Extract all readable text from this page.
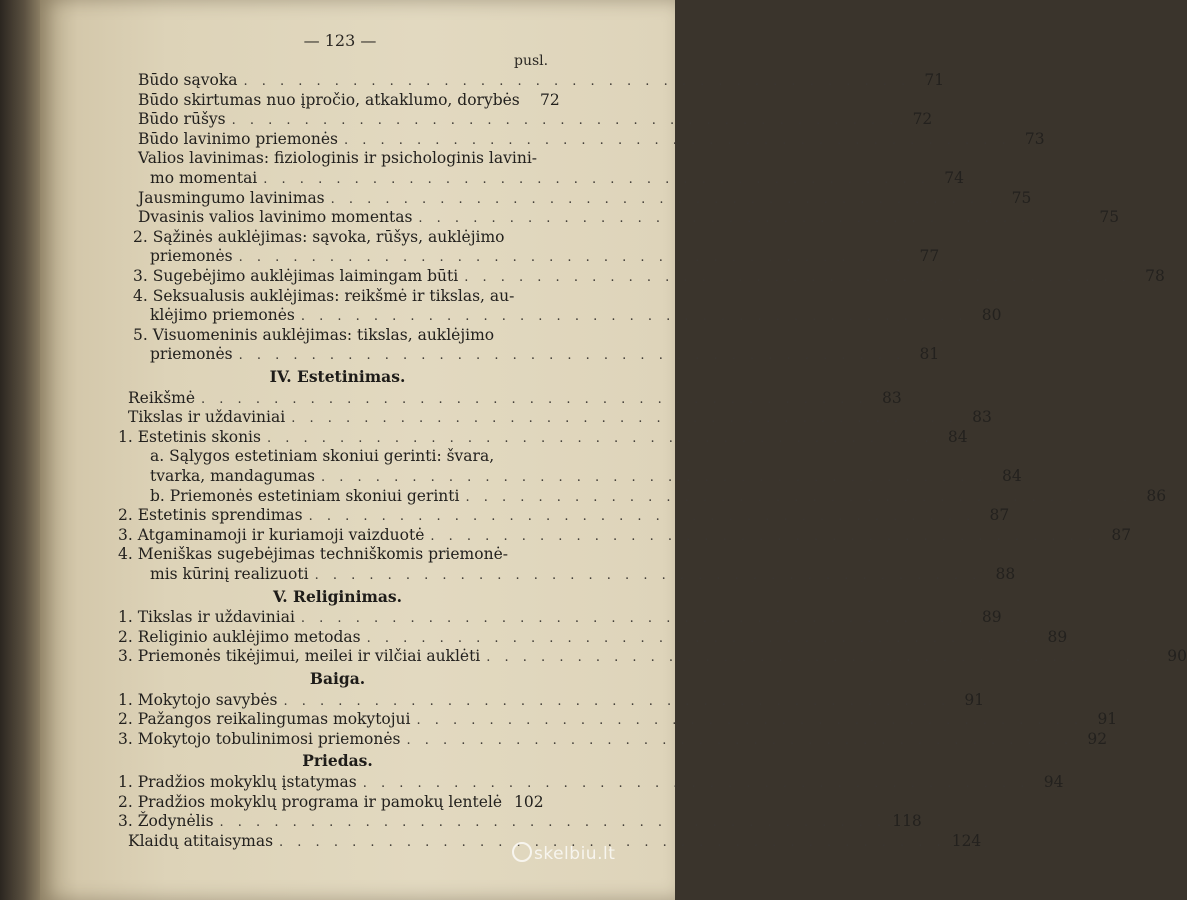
— 123 —
pusl.
Būdo sąvoka . . . . . . . . . . . . . . . . . . . . . . . . . . . . . . . . . . . . . 71
Būdo skirtumas nuo įpročio, atkaklumo, dorybės	72
Būdo rūšys . . . . . . . . . . . . . . . . . . . . . . . . . . . . . . . . . . . . . 72
Būdo lavinimo priemonės . . . . . . . . . . . . . . . . . . . . . . . . . . . . . . . . . . . . . 73
Valios lavinimas: fiziologinis ir psichologinis lavini-
mo momentai . . . . . . . . . . . . . . . . . . . . . . . . . . . . . . . . . . . . . 74
Jausmingumo lavinimas . . . . . . . . . . . . . . . . . . . . . . . . . . . . . . . . . . . . . 75
Dvasinis valios lavinimo momentas . . . . . . . . . . . . . . . . . . . . . . . . . . . . . . . . . . . . . 75
2. Sąžinės auklėjimas: sąvoka, rūšys, auklėjimo
priemonės . . . . . . . . . . . . . . . . . . . . . . . . . . . . . . . . . . . . . 77
3. Sugebėjimo auklėjimas laimingam būti . . . . . . . . . . . . . . . . . . . . . . . . . . . . . . . . . . . . . 78
4. Seksualusis auklėjimas: reikšmė ir tikslas, au-
klėjimo priemonės . . . . . . . . . . . . . . . . . . . . . . . . . . . . . . . . . . . . . 80
5. Visuomeninis auklėjimas: tikslas, auklėjimo
priemonės . . . . . . . . . . . . . . . . . . . . . . . . . . . . . . . . . . . . . 81
IV. Estetinimas.
Reikšmė . . . . . . . . . . . . . . . . . . . . . . . . . . . . . . . . . . . . . 83
Tikslas ir uždaviniai . . . . . . . . . . . . . . . . . . . . . . . . . . . . . . . . . . . . . 83
1. Estetinis skonis . . . . . . . . . . . . . . . . . . . . . . . . . . . . . . . . . . . . . 84
a. Sąlygos estetiniam skoniui gerinti: švara,
tvarka, mandagumas . . . . . . . . . . . . . . . . . . . . . . . . . . . . . . . . . . . . . 84
b. Priemonės estetiniam skoniui gerinti . . . . . . . . . . . . . . . . . . . . . . . . . . . . . . . . . . . . . 86
2. Estetinis sprendimas . . . . . . . . . . . . . . . . . . . . . . . . . . . . . . . . . . . . . 87
3. Atgaminamoji ir kuriamoji vaizduotė . . . . . . . . . . . . . . . . . . . . . . . . . . . . . . . . . . . . . 87
4. Meniškas sugebėjimas techniškomis priemonė-
mis kūrinį realizuoti . . . . . . . . . . . . . . . . . . . . . . . . . . . . . . . . . . . . . 88
V. Religinimas.
1. Tikslas ir uždaviniai . . . . . . . . . . . . . . . . . . . . . . . . . . . . . . . . . . . . . 89
2. Religinio auklėjimo metodas . . . . . . . . . . . . . . . . . . . . . . . . . . . . . . . . . . . . . 89
3. Priemonės tikėjimui, meilei ir vilčiai auklėti . . . . . . . . . . . . . . . . . . . . . . . . . . . . . . . . . . . . . 90
Baiga.
1. Mokytojo savybės . . . . . . . . . . . . . . . . . . . . . . . . . . . . . . . . . . . . . 91
2. Pažangos reikalingumas mokytojui . . . . . . . . . . . . . . . . . . . . . . . . . . . . . . . . . . . . . 91
3. Mokytojo tobulinimosi priemonės . . . . . . . . . . . . . . . . . . . . . . . . . . . . . . . . . . . . . 92
Priedas.
1. Pradžios mokyklų įstatymas . . . . . . . . . . . . . . . . . . . . . . . . . . . . . . . . . . . . . 94
2. Pradžios mokyklų programa ir pamokų lentelė 102
3. Žodynėlis . . . . . . . . . . . . . . . . . . . . . . . . . . . . . . . . . . . . . 118
Klaidų atitaisymas . . . . . . . . . . . . . . . . . . . . . . . . . . . . . . . . . . . . . 124
skelbiu.lt
